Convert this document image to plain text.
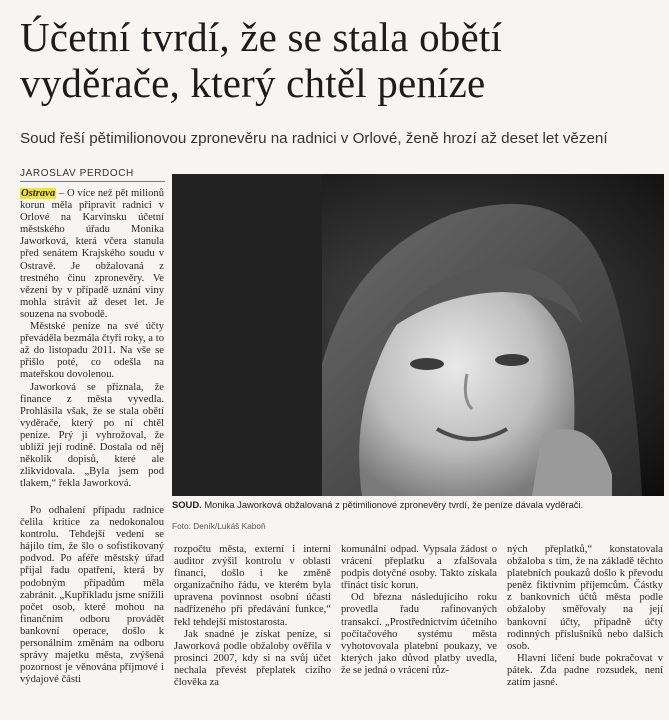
Účetní tvrdí, že se stala obětí vyděrače, který chtěl peníze

Soud řeší pětimilionovou zpronevěru na radnici v Orlové, ženě hrozí až deset let vězení

JAROSLAV PERDOCH
SOUD. Monika Jaworková obžalovaná z pětimilionové zpronevěry tvrdí, že peníze dávala vyděrači.
Foto: Deník/Lukáš Kaboň

Ostrava – O více než pět milionů korun měla připravit radnici v Orlové na Karvinsku účetní městského úřadu Monika Jaworková, která včera stanula před senátem Krajského soudu v Ostravě. Je obžalovaná z trestného činu zpronevěry. Ve vězení by v případě uznání viny mohla strávit až deset let. Je souzena na svobodě.

Městské peníze na své účty převáděla bezmála čtyři roky, a to až do listopadu 2011. Na vše se přišlo poté, co odešla na mateřskou dovolenou.

Jaworková se přiznala, že finance z města vyvedla. Prohlásila však, že se stala obětí vyděrače, který po ní chtěl peníze. Prý jí vyhrožoval, že ublíží její rodině. Dostala od něj několik dopisů, které ale zlikvidovala. „Byla jsem pod tlakem,“ řekla Jaworková.

Po odhalení případu radnice čelila kritice za nedokonalou kontrolu. Tehdejší vedení se hájilo tím, že šlo o sofistikovaný podvod. Po aféře městský úřad přijal řadu opatření, která by podobným případům měla zabránit. „Kupříkladu jsme snížili počet osob, které mohou na finančním odboru provádět bankovní operace, došlo k personálním změnám na odboru správy majetku města, zvýšená pozornost je věnována příjmové i výdajové části

rozpočtu města, externí i interní auditor zvýšil kontrolu v oblasti financí, došlo i ke změně organizačního řádu, ve kterém byla upravena povinnost osobní účasti nadřízeného při předávání funkce,“ řekl tehdejší místostarosta.

Jak snadné je získat peníze, si Jaworková podle obžaloby ověřila v prosinci 2007, kdy si na svůj účet nechala převést přeplatek cizího člověka za

komunální odpad. Vypsala žádost o vrácení přeplatku a zfalšovala podpis dotyčné osoby. Takto získala třináct tisíc korun.

Od března následujícího roku provedla řadu rafinovaných transakcí. „Prostřednictvím účetního počítačového systému města vyhotovovala platební poukazy, ve kterých jako důvod platby uvedla, že se jedná o vrácení růz-

ných přeplatků,“ konstatovala obžaloba s tím, že na základě těchto platebních poukazů došlo k převodu peněz fiktivním příjemcům. Částky z bankovních účtů města podle obžaloby směřovaly na její bankovní účty, případně účty rodinných příslušníků nebo dalších osob.

Hlavní líčení bude pokračovat v pátek. Zda padne rozsudek, není zatím jasné.
